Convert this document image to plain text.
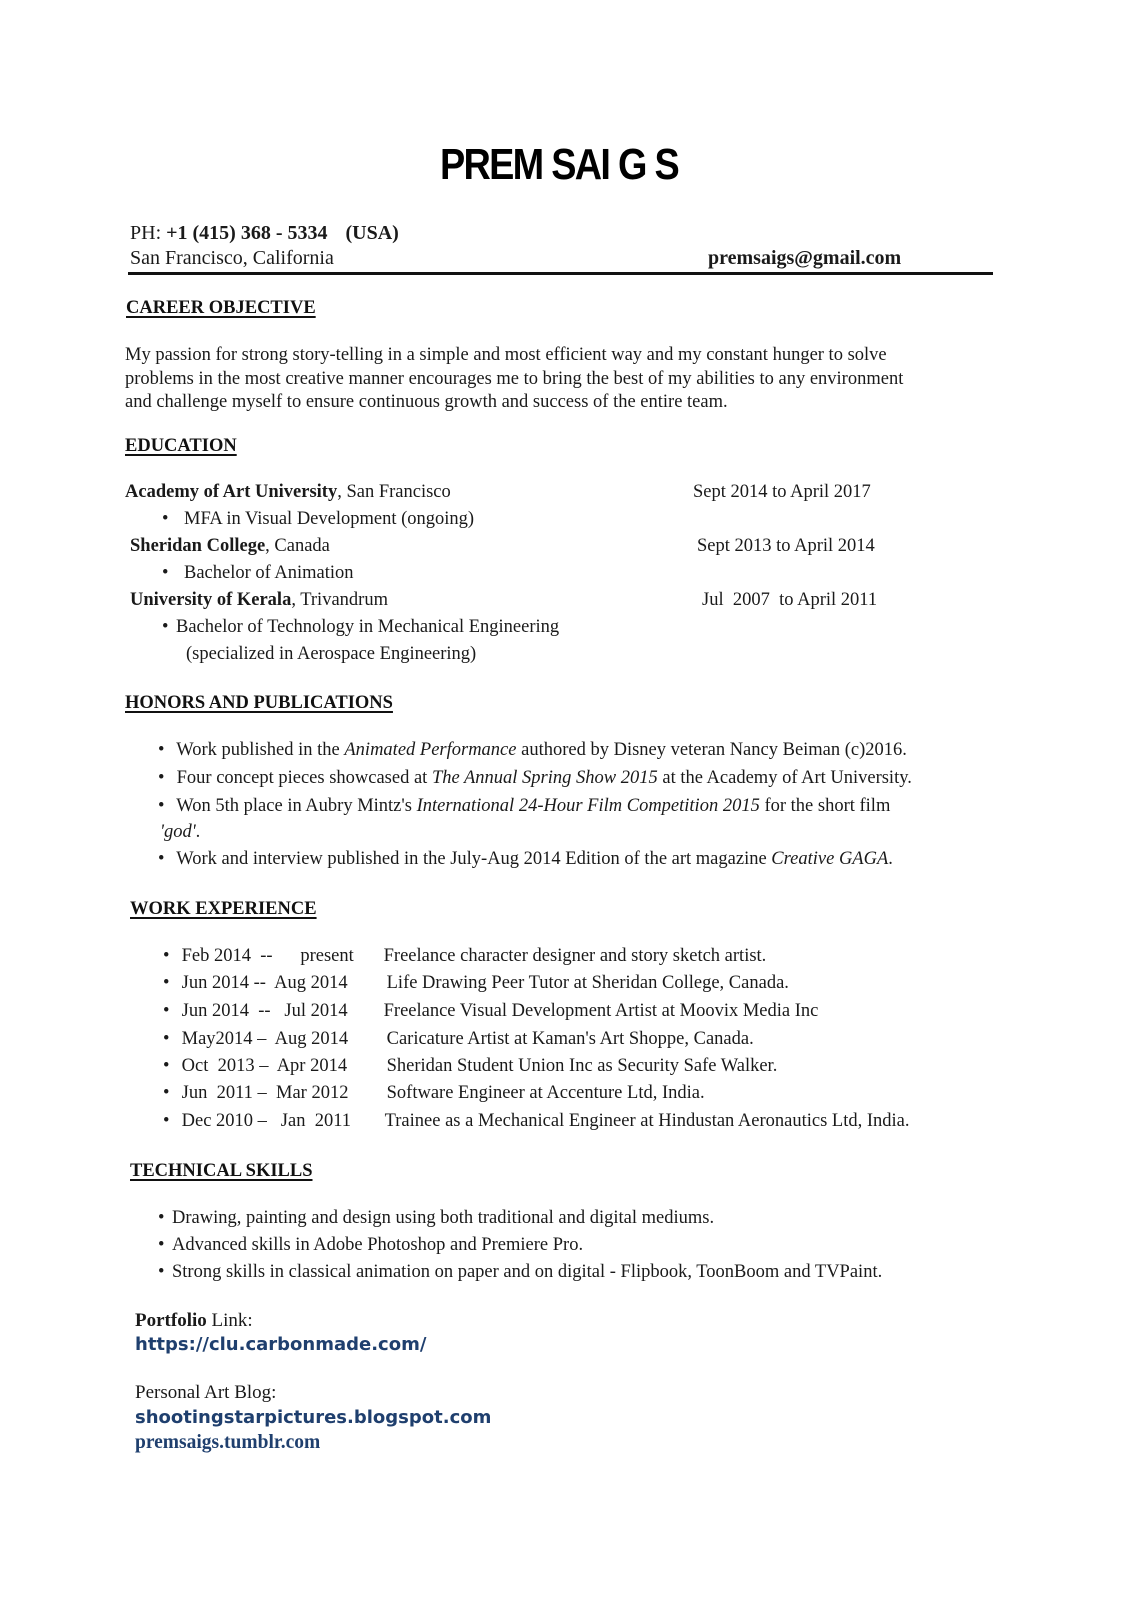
PREM SAI G S
PH: +1 (415) 368 - 5334 (USA)
San Francisco, California	premsaigs@gmail.com
CAREER OBJECTIVE
My passion for strong story-telling in a simple and most efficient way and my constant hunger to solve
problems in the most creative manner encourages me to bring the best of my abilities to any environment
and challenge myself to ensure continuous growth and success of the entire team.
EDUCATION
Academy of Art University, San Francisco	Sept 2014 to April 2017
• MFA in Visual Development (ongoing)
Sheridan College, Canada	Sept 2013 to April 2014
• Bachelor of Animation
University of Kerala, Trivandrum	Jul  2007  to April 2011
• Bachelor of Technology in Mechanical Engineering
(specialized in Aerospace Engineering)
HONORS AND PUBLICATIONS
• Work published in the Animated Performance authored by Disney veteran Nancy Beiman (c)2016.
• Four concept pieces showcased at The Annual Spring Show 2015 at the Academy of Art University.
• Won 5th place in Aubry Mintz's International 24-Hour Film Competition 2015 for the short film
'god'.
• Work and interview published in the July-Aug 2014 Edition of the art magazine Creative GAGA.
WORK EXPERIENCE
• Feb 2014  --      present Freelance character designer and story sketch artist.
• Jun 2014 --  Aug 2014 Life Drawing Peer Tutor at Sheridan College, Canada.
• Jun 2014  --   Jul 2014 Freelance Visual Development Artist at Moovix Media Inc
• May2014 –  Aug 2014 Caricature Artist at Kaman's Art Shoppe, Canada.
• Oct  2013 –  Apr 2014 Sheridan Student Union Inc as Security Safe Walker.
• Jun  2011 –  Mar 2012 Software Engineer at Accenture Ltd, India.
• Dec 2010 –   Jan  2011 Trainee as a Mechanical Engineer at Hindustan Aeronautics Ltd, India.
TECHNICAL SKILLS
• Drawing, painting and design using both traditional and digital mediums.
• Advanced skills in Adobe Photoshop and Premiere Pro.
• Strong skills in classical animation on paper and on digital - Flipbook, ToonBoom and TVPaint.
Portfolio Link:
https://clu.carbonmade.com/
Personal Art Blog:
shootingstarpictures.blogspot.com
premsaigs.tumblr.com
